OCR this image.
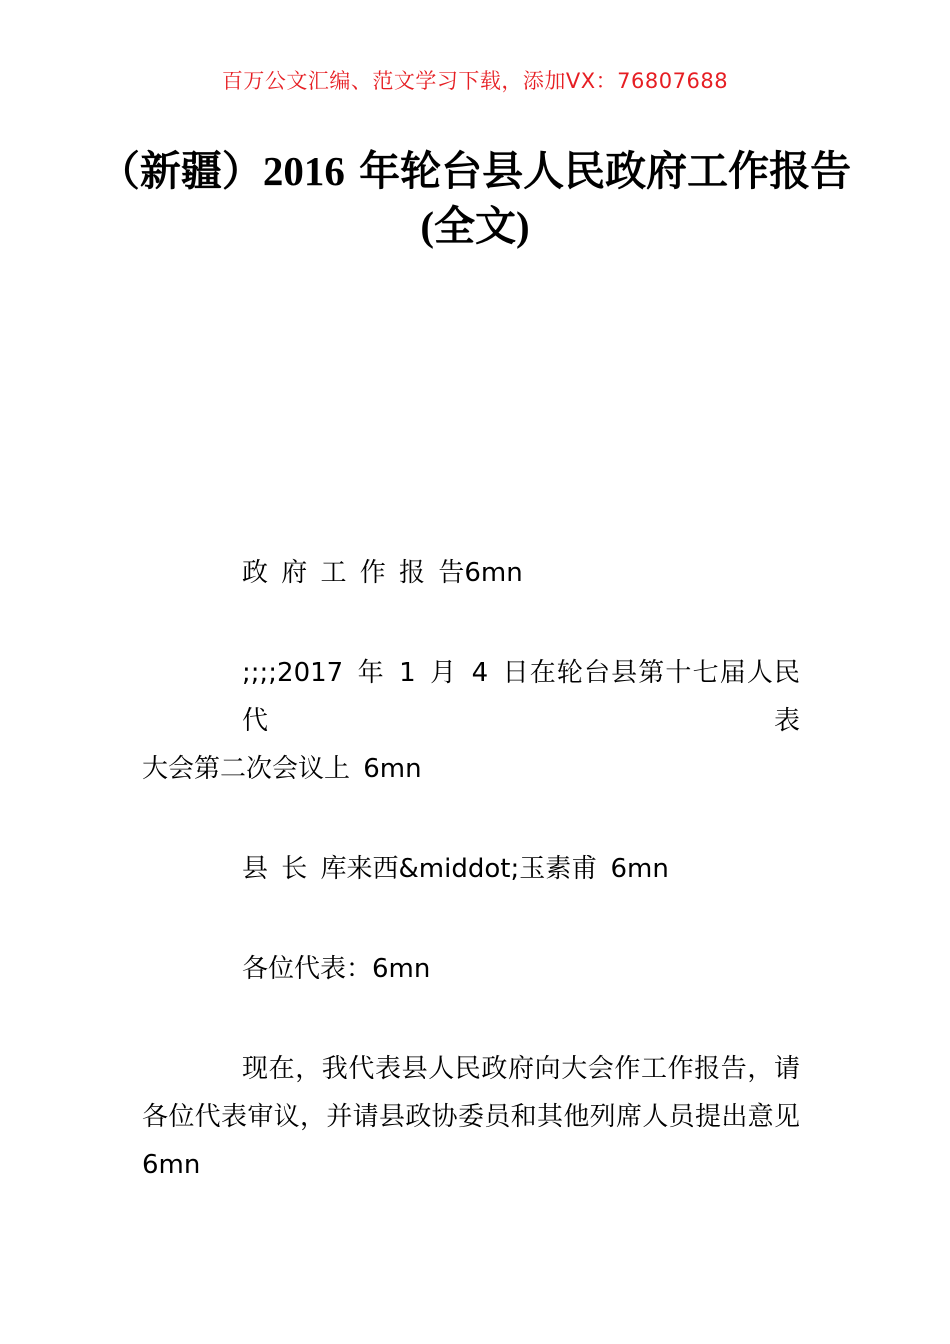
百万公文汇编、范文学习下载，添加VX：76807688
（新疆）2016 年轮台县人民政府工作报告
(全文)
政 府 工 作 报 告6mn
;;;;2017 年 1 月 4 日在轮台县第十七届人民代表
大会第二次会议上 6mn
县 长 库来西&middot;玉素甫 6mn
各位代表：6mn
现在，我代表县人民政府向大会作工作报告，请
各位代表审议，并请县政协委员和其他列席人员提出意见
6mn
